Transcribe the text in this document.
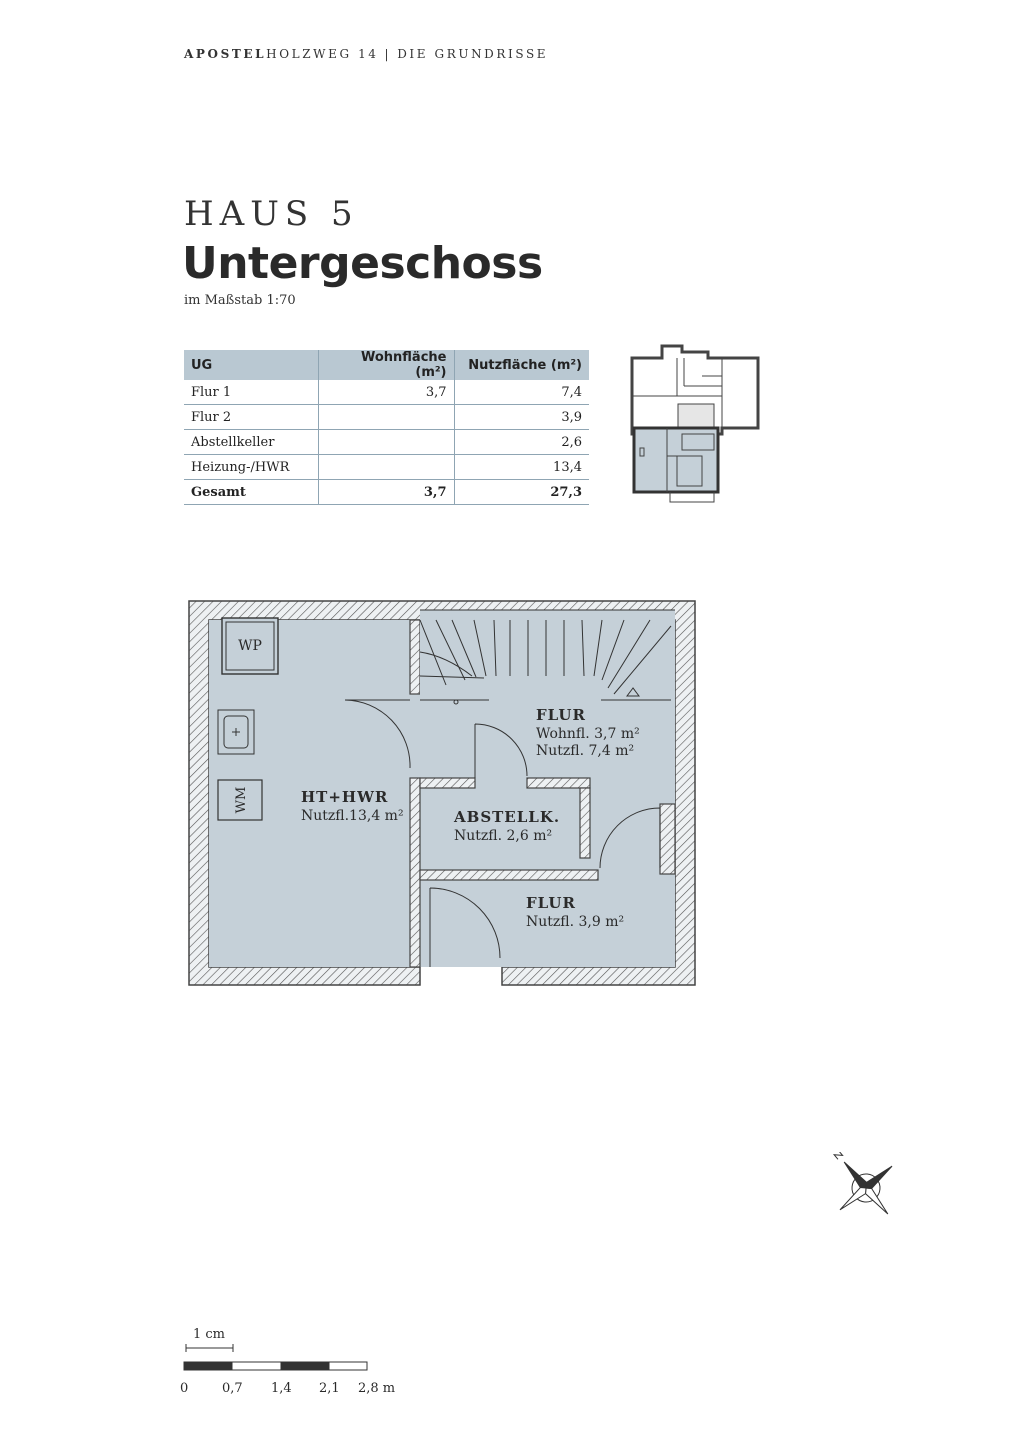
APOSTELHOLZWEG 14 | DIE GRUNDRISSE
HAUS 5
Untergeschoss
im Maßstab 1:70
UG	Wohnfläche (m²)	Nutzfläche (m²)
Flur 1	3,7	7,4
Flur 2		3,9
Abstellkeller		2,6
Heizung-/HWR		13,4
Gesamt	3,7	27,3
WP
WM	HT+HWR
Nutzfl.13,4 m²
FLUR
Wohnfl. 3,7 m²
Nutzfl. 7,4 m²
ABSTELLK.
Nutzfl. 2,6 m²
FLUR
Nutzfl. 3,9 m²
1 cm
0	0,7 1,4 2,1 2,8 m
